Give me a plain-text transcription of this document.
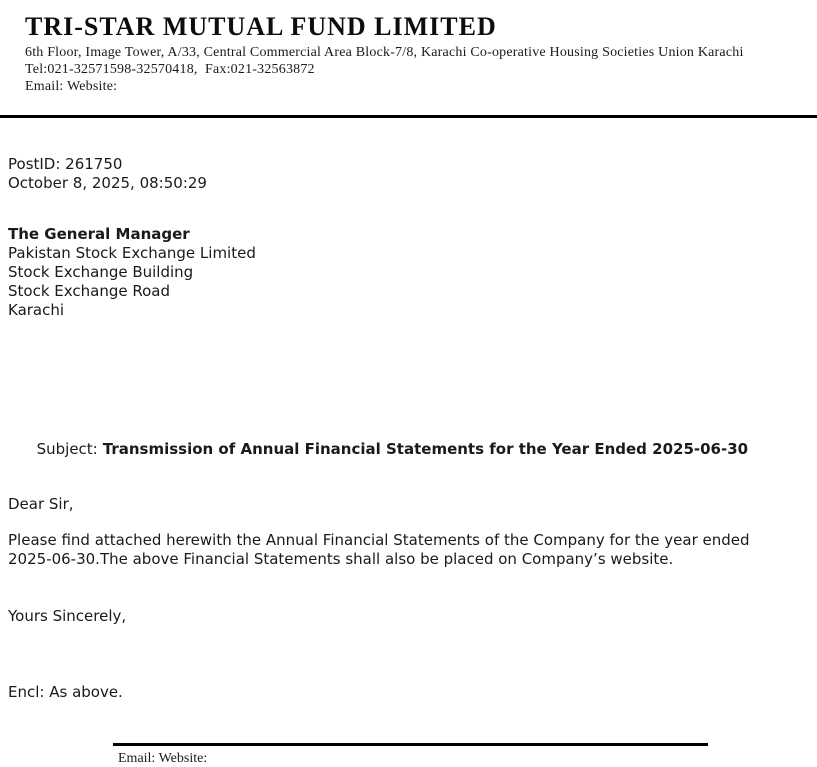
TRI-STAR MUTUAL FUND LIMITED
6th Floor, Image Tower, A/33, Central Commercial Area Block-7/8, Karachi Co-operative Housing Societies Union Karachi
Tel:021-32571598-32570418,  Fax:021-32563872
Email: Website:
PostID: 261750
October 8, 2025, 08:50:29
The General Manager
Pakistan Stock Exchange Limited
Stock Exchange Building
Stock Exchange Road
Karachi

Subject: Transmission of Annual Financial Statements for the Year Ended 2025-06-30

Dear Sir,
Please find attached herewith the Annual Financial Statements of the Company for the year ended
2025-06-30.The above Financial Statements shall also be placed on Company’s website.
Yours Sincerely,
Encl: As above.
Email: Website:
